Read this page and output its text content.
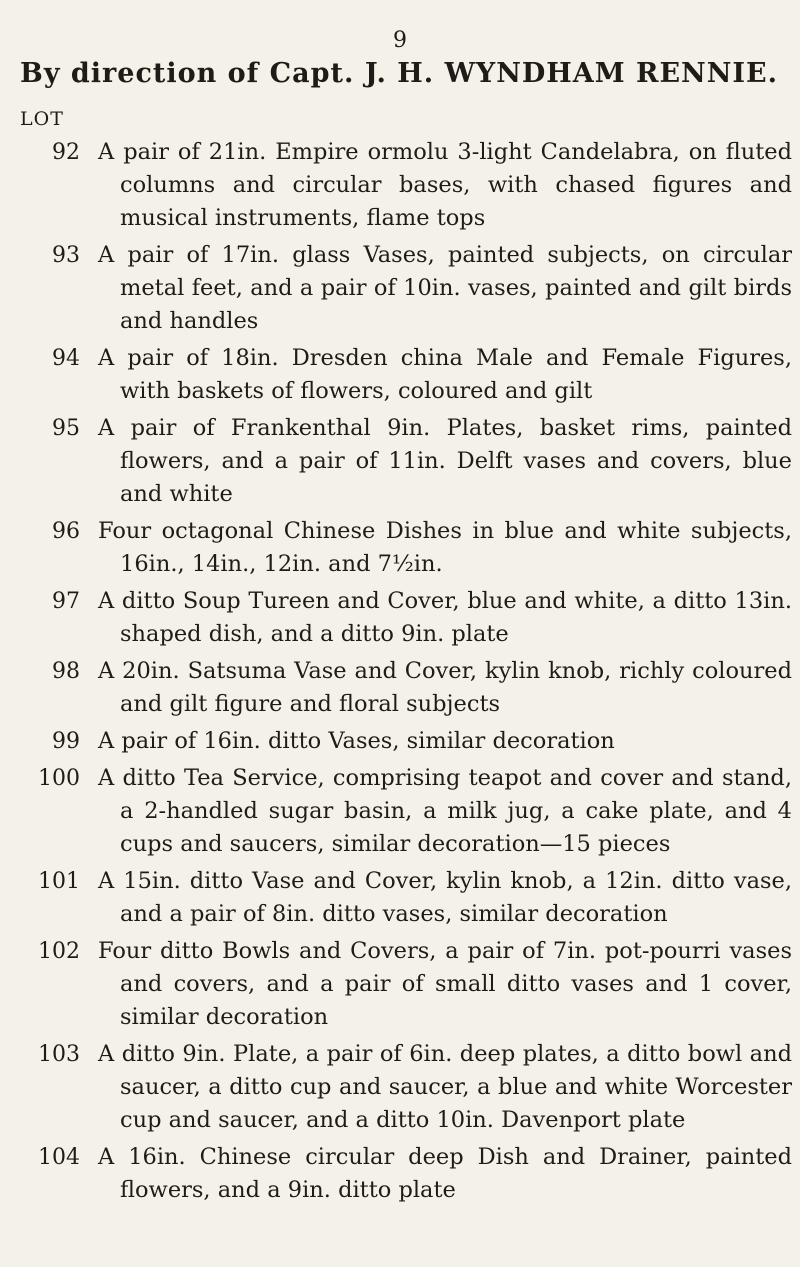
9
By direction of Capt. J. H. WYNDHAM RENNIE.
LOT
92 A pair of 21in. Empire ormolu 3-light Candelabra, on fluted columns and circular bases, with chased figures and musical instruments, flame tops
93 A pair of 17in. glass Vases, painted subjects, on circular metal feet, and a pair of 10in. vases, painted and gilt birds and handles
94 A pair of 18in. Dresden china Male and Female Figures, with baskets of flowers, coloured and gilt
95 A pair of Frankenthal 9in. Plates, basket rims, painted flowers, and a pair of 11in. Delft vases and covers, blue and white
96 Four octagonal Chinese Dishes in blue and white subjects, 16in., 14in., 12in. and 7½in.
97 A ditto Soup Tureen and Cover, blue and white, a ditto 13in. shaped dish, and a ditto 9in. plate
98 A 20in. Satsuma Vase and Cover, kylin knob, richly coloured and gilt figure and floral subjects
99 A pair of 16in. ditto Vases, similar decoration
100 A ditto Tea Service, comprising teapot and cover and stand, a 2-handled sugar basin, a milk jug, a cake plate, and 4 cups and saucers, similar decoration—15 pieces
101 A 15in. ditto Vase and Cover, kylin knob, a 12in. ditto vase, and a pair of 8in. ditto vases, similar decoration
102 Four ditto Bowls and Covers, a pair of 7in. pot-pourri vases and covers, and a pair of small ditto vases and 1 cover, similar decoration
103 A ditto 9in. Plate, a pair of 6in. deep plates, a ditto bowl and saucer, a ditto cup and saucer, a blue and white Worcester cup and saucer, and a ditto 10in. Davenport plate
104 A 16in. Chinese circular deep Dish and Drainer, painted flowers, and a 9in. ditto plate
